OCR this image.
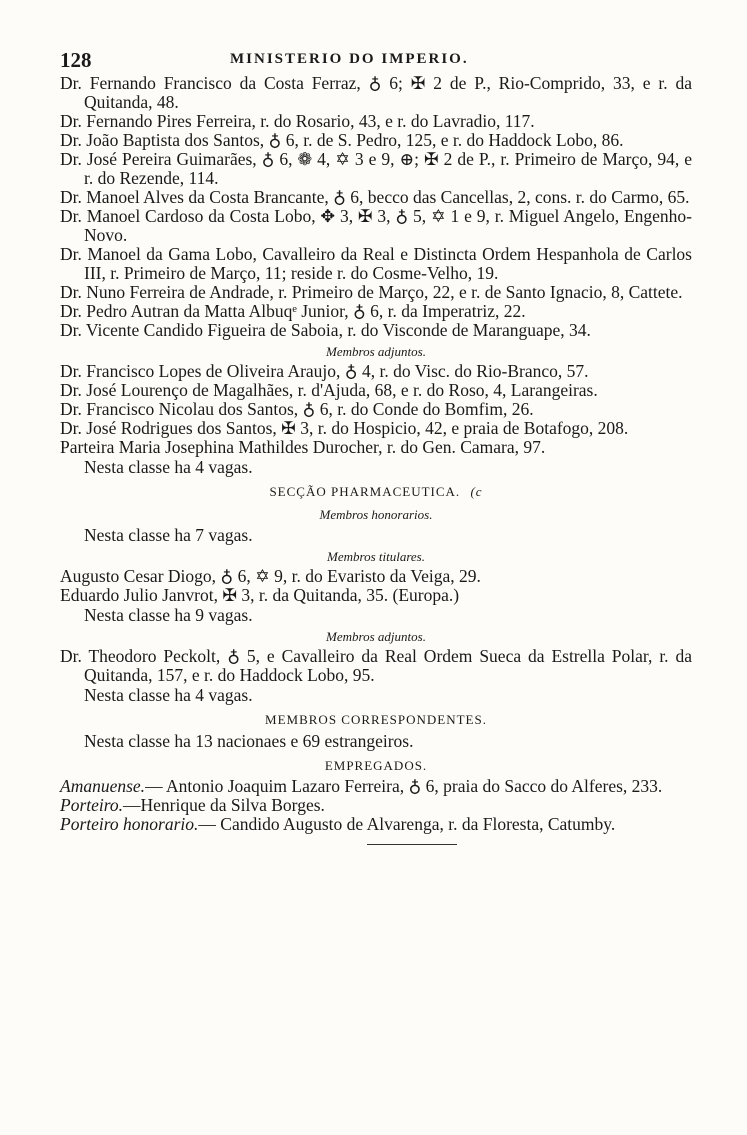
128	MINISTERIO DO IMPERIO.

Dr. Fernando Francisco da Costa Ferraz, ♁ 6; ✠ 2 de P., Rio-Comprido, 33, e r. da Quitanda, 48.

Dr. Fernando Pires Ferreira, r. do Rosario, 43, e r. do Lavradio, 117.

Dr. João Baptista dos Santos, ♁ 6, r. de S. Pedro, 125, e r. do Haddock Lobo, 86.

Dr. José Pereira Guimarães, ♁ 6, ❁ 4, ✡ 3 e 9, ⊕; ✠ 2 de P., r. Primeiro de Março, 94, e r. do Rezende, 114.

Dr. Manoel Alves da Costa Brancante, ♁ 6, becco das Cancellas, 2, cons. r. do Carmo, 65.

Dr. Manoel Cardoso da Costa Lobo, ✥ 3, ✠ 3, ♁ 5, ✡ 1 e 9, r. Miguel Angelo, Engenho-Novo.

Dr. Manoel da Gama Lobo, Cavalleiro da Real e Distincta Ordem Hespanhola de Carlos III, r. Primeiro de Março, 11; reside r. do Cosme-Velho, 19.

Dr. Nuno Ferreira de Andrade, r. Primeiro de Março, 22, e r. de Santo Ignacio, 8, Cattete.

Dr. Pedro Autran da Matta Albuqᵉ Junior, ♁ 6, r. da Imperatriz, 22.

Dr. Vicente Candido Figueira de Saboia, r. do Visconde de Maranguape, 34.

Membros adjuntos.

Dr. Francisco Lopes de Oliveira Araujo, ♁ 4, r. do Visc. do Rio-Branco, 57.

Dr. José Lourenço de Magalhães, r. d'Ajuda, 68, e r. do Roso, 4, Larangeiras.

Dr. Francisco Nicolau dos Santos, ♁ 6, r. do Conde do Bomfim, 26.

Dr. José Rodrigues dos Santos, ✠ 3, r. do Hospicio, 42, e praia de Botafogo, 208.

Parteira Maria Josephina Mathildes Durocher, r. do Gen. Camara, 97.

Nesta classe ha 4 vagas.

SECÇÃO PHARMACEUTICA. (c

Membros honorarios.

Nesta classe ha 7 vagas.

Membros titulares.

Augusto Cesar Diogo, ♁ 6, ✡ 9, r. do Evaristo da Veiga, 29.

Eduardo Julio Janvrot, ✠ 3, r. da Quitanda, 35. (Europa.)

Nesta classe ha 9 vagas.

Membros adjuntos.

Dr. Theodoro Peckolt, ♁ 5, e Cavalleiro da Real Ordem Sueca da Estrella Polar, r. da Quitanda, 157, e r. do Haddock Lobo, 95.

Nesta classe ha 4 vagas.

MEMBROS CORRESPONDENTES.

Nesta classe ha 13 nacionaes e 69 estrangeiros.

EMPREGADOS.

Amanuense.— Antonio Joaquim Lazaro Ferreira, ♁ 6, praia do Sacco do Alferes, 233.

Porteiro.—Henrique da Silva Borges.

Porteiro honorario.— Candido Augusto de Alvarenga, r. da Floresta, Catumby.
